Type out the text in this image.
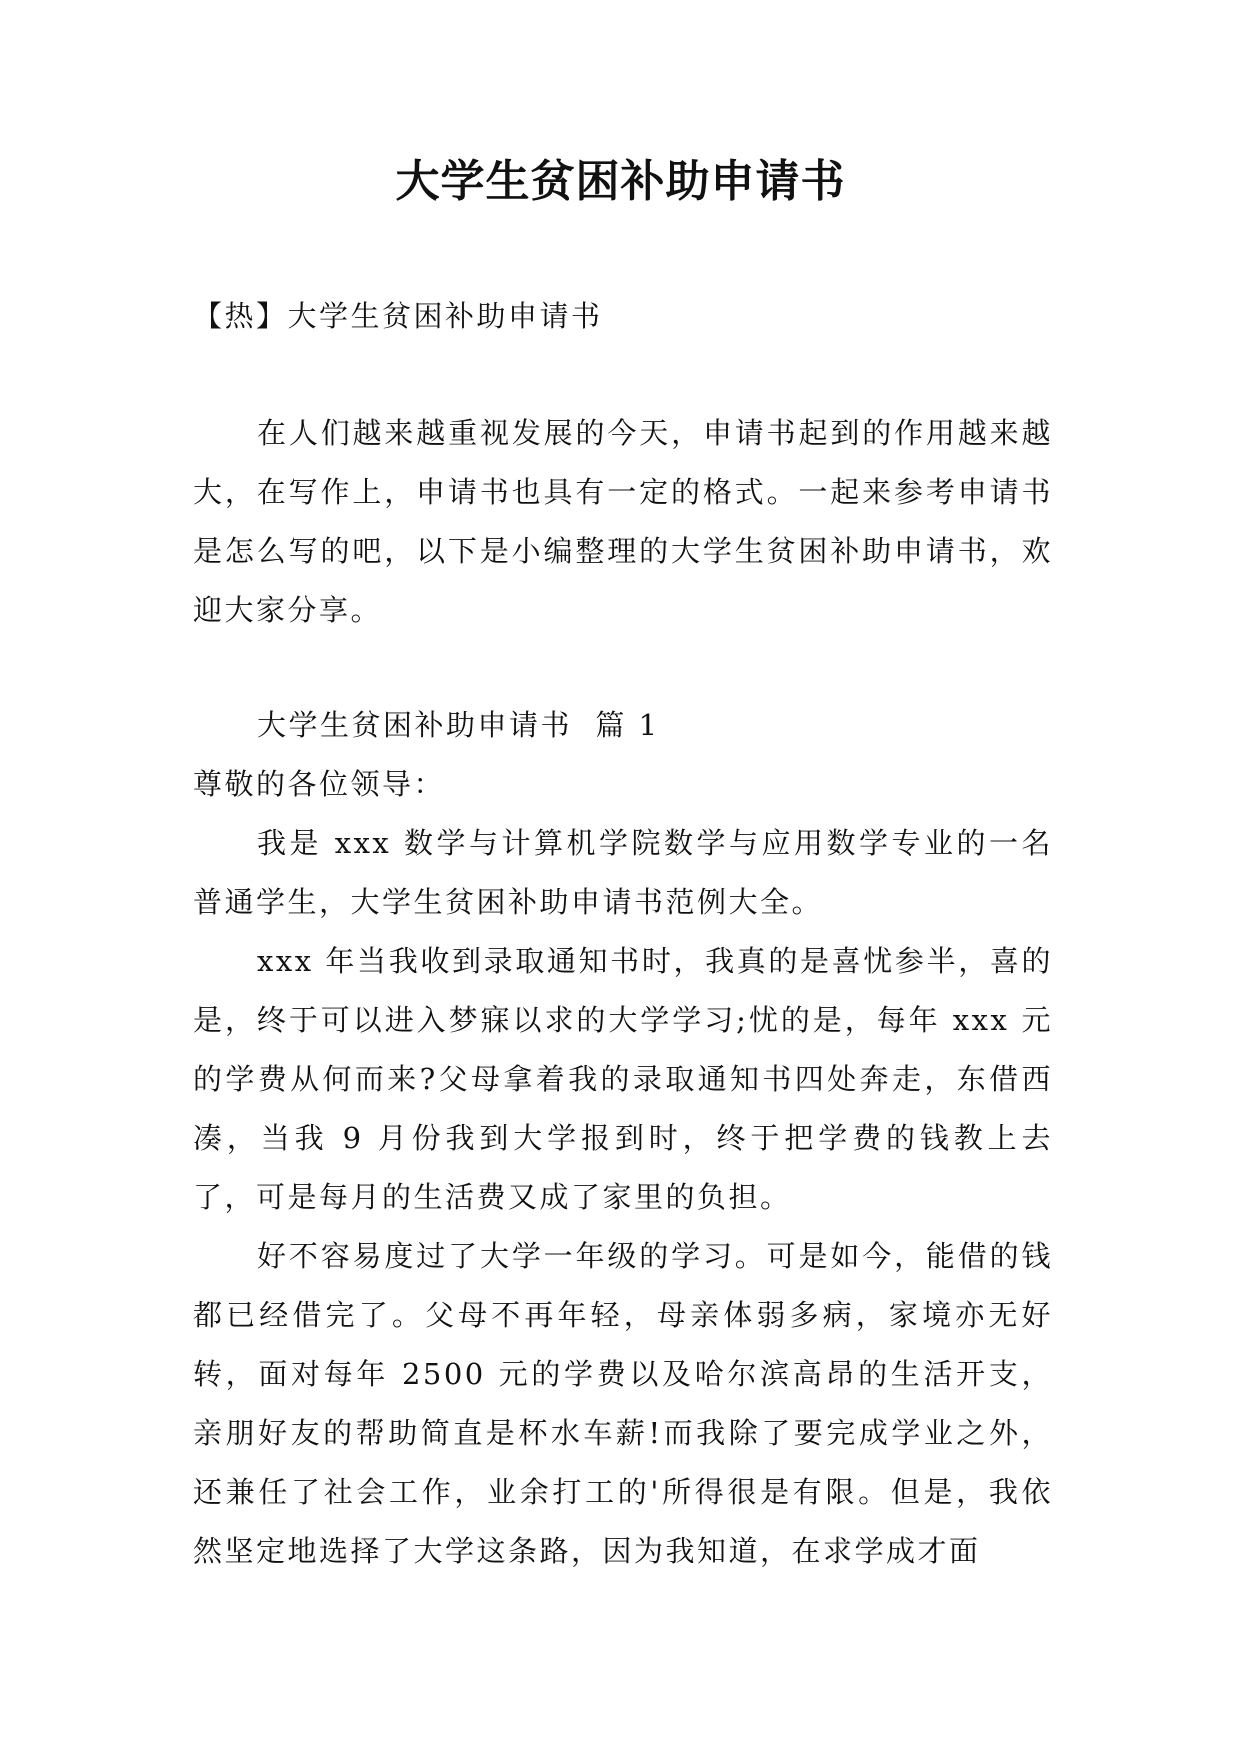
大学生贫困补助申请书

【热】大学生贫困补助申请书

在人们越来越重视发展的今天，申请书起到的作用越来越大，在写作上，申请书也具有一定的格式。一起来参考申请书是怎么写的吧，以下是小编整理的大学生贫困补助申请书，欢迎大家分享。

大学生贫困补助申请书  篇 1

尊敬的各位领导：

我是 xxx 数学与计算机学院数学与应用数学专业的一名普通学生，大学生贫困补助申请书范例大全。

xxx 年当我收到录取通知书时，我真的是喜忧参半，喜的是，终于可以进入梦寐以求的大学学习;忧的是，每年 xxx 元的学费从何而来?父母拿着我的录取通知书四处奔走，东借西凑，当我 9 月份我到大学报到时，终于把学费的钱教上去了，可是每月的生活费又成了家里的负担。

好不容易度过了大学一年级的学习。可是如今，能借的钱都已经借完了。父母不再年轻，母亲体弱多病，家境亦无好转，面对每年 2500 元的学费以及哈尔滨高昂的生活开支，亲朋好友的帮助简直是杯水车薪!而我除了要完成学业之外，还兼任了社会工作，业余打工的'所得很是有限。但是，我依然坚定地选择了大学这条路，因为我知道，在求学成才面
